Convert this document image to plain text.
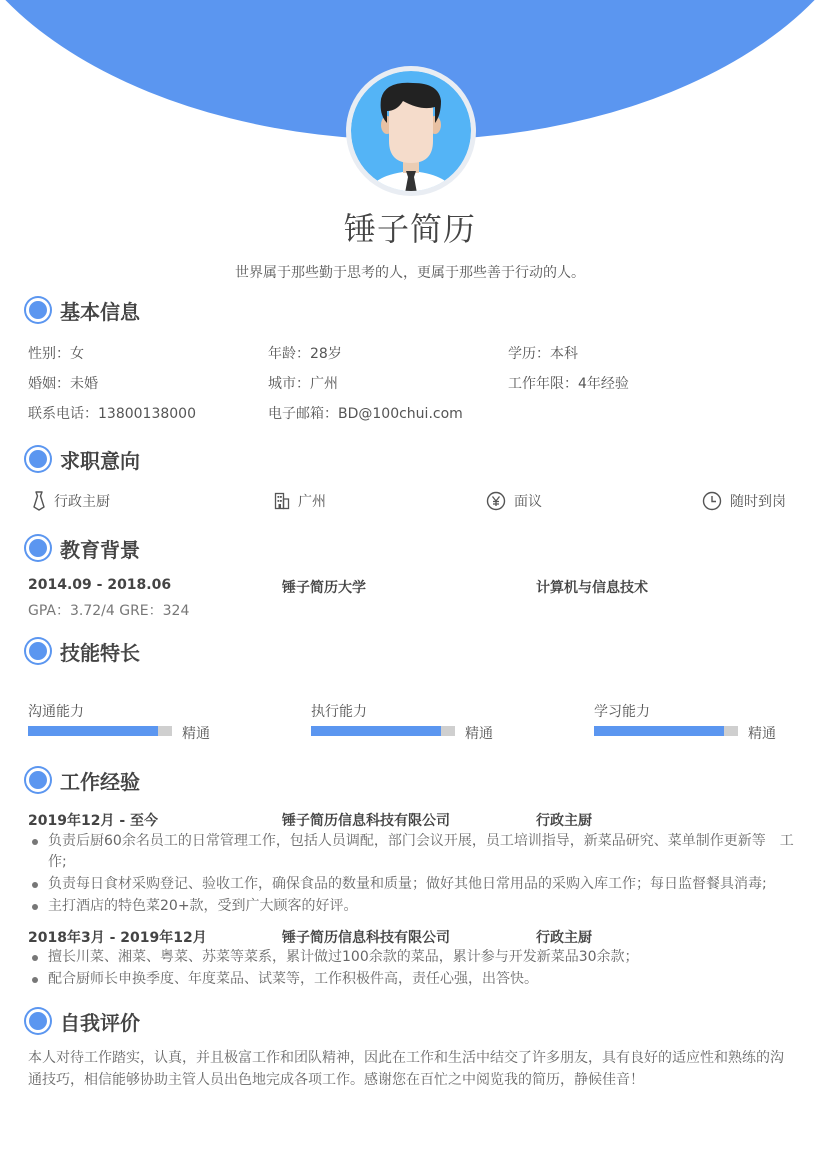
锤子简历
世界属于那些勤于思考的人，更属于那些善于行动的人。
基本信息
性别：女	年龄：28岁	学历：本科
婚姻：未婚	城市：广州	工作年限：4年经验
联系电话：13800138000	电子邮箱：BD@100chui.com
求职意向
行政主厨	广州	面议	随时到岗
教育背景
2014.09 - 2018.06	锤子简历大学	计算机与信息技术
GPA：3.72/4 GRE：324
技能特长
沟通能力
精通
执行能力
精通
学习能力
精通
工作经验
2019年12月 - 至今	锤子简历信息科技有限公司	行政主厨
负责后厨60余名员工的日常管理工作，包括人员调配，部门会议开展，员工培训指导，新菜品研究、菜单制作更新等　工作;
负责每日食材采购登记、验收工作，确保食品的数量和质量；做好其他日常用品的采购入库工作；每日监督餐具消毒;
主打酒店的特色菜20+款，受到广大顾客的好评。
2018年3月 - 2019年12月	锤子简历信息科技有限公司	行政主厨
擅长川菜、湘菜、粤菜、苏菜等菜系，累计做过100余款的菜品，累计参与开发新菜品30余款；
配合厨师长申换季度、年度菜品、试菜等，工作积极件高，责任心强，出答快。
自我评价
本人对待工作踏实，认真，并且极富工作和团队精神，因此在工作和生活中结交了许多朋友，具有良好的适应性和熟练的沟通技巧，相信能够协助主管人员出色地完成各项工作。感谢您在百忙之中阅览我的简历，静候佳音！
